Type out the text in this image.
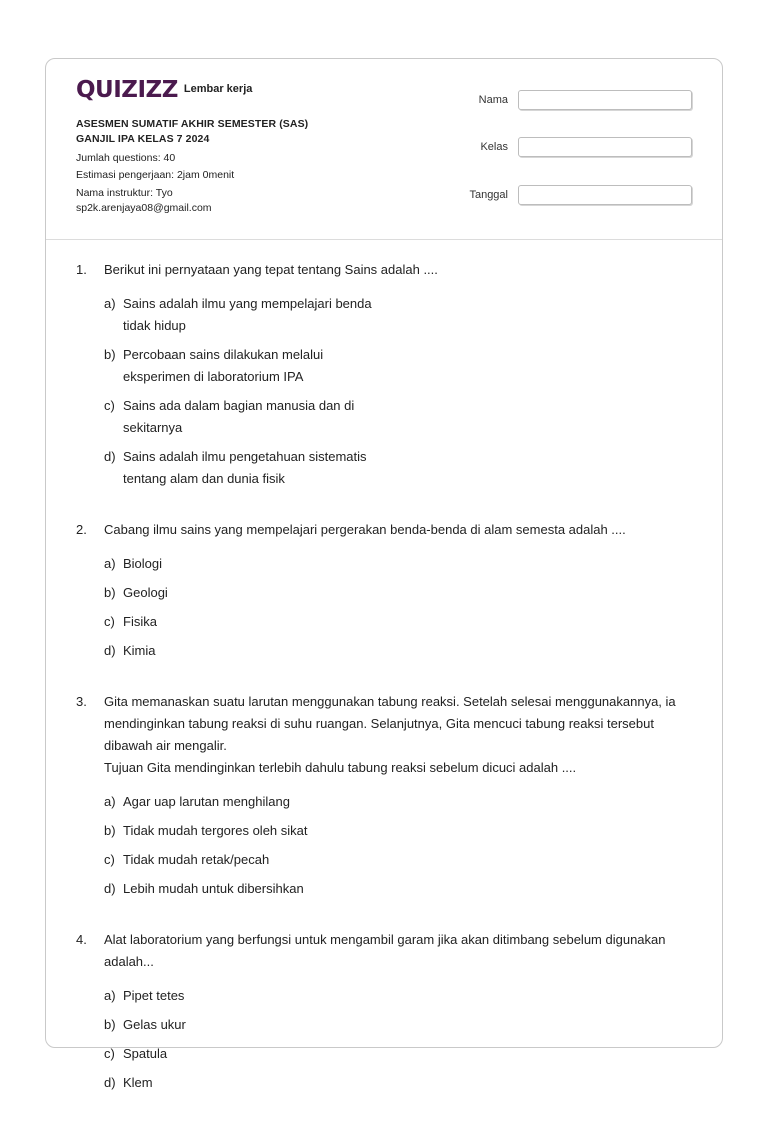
QUIZIZZ Lembar kerja
ASESMEN SUMATIF AKHIR SEMESTER (SAS)
GANJIL IPA KELAS 7 2024
Jumlah questions: 40
Estimasi pengerjaan: 2jam 0menit
Nama instruktur: Tyo
sp2k.arenjaya08@gmail.com
Nama
Kelas
Tanggal
1.	Berikut ini pernyataan yang tepat tentang Sains adalah ....
a) Sains adalah ilmu yang mempelajari benda tidak hidup
b) Percobaan sains dilakukan melalui eksperimen di laboratorium IPA
c) Sains ada dalam bagian manusia dan di sekitarnya
d) Sains adalah ilmu pengetahuan sistematis tentang alam dan dunia fisik
2.	Cabang ilmu sains yang mempelajari pergerakan benda-benda di alam semesta adalah ....
a) Biologi
b) Geologi
c) Fisika
d) Kimia
3.	Gita memanaskan suatu larutan menggunakan tabung reaksi. Setelah selesai menggunakannya, ia mendinginkan tabung reaksi di suhu ruangan. Selanjutnya, Gita mencuci tabung reaksi tersebut dibawah air mengalir.
Tujuan Gita mendinginkan terlebih dahulu tabung reaksi sebelum dicuci adalah ....
a) Agar uap larutan menghilang
b) Tidak mudah tergores oleh sikat
c) Tidak mudah retak/pecah
d) Lebih mudah untuk dibersihkan
4.	Alat laboratorium yang berfungsi untuk mengambil garam jika akan ditimbang sebelum digunakan adalah...
a) Pipet tetes
b) Gelas ukur
c) Spatula
d) Klem
